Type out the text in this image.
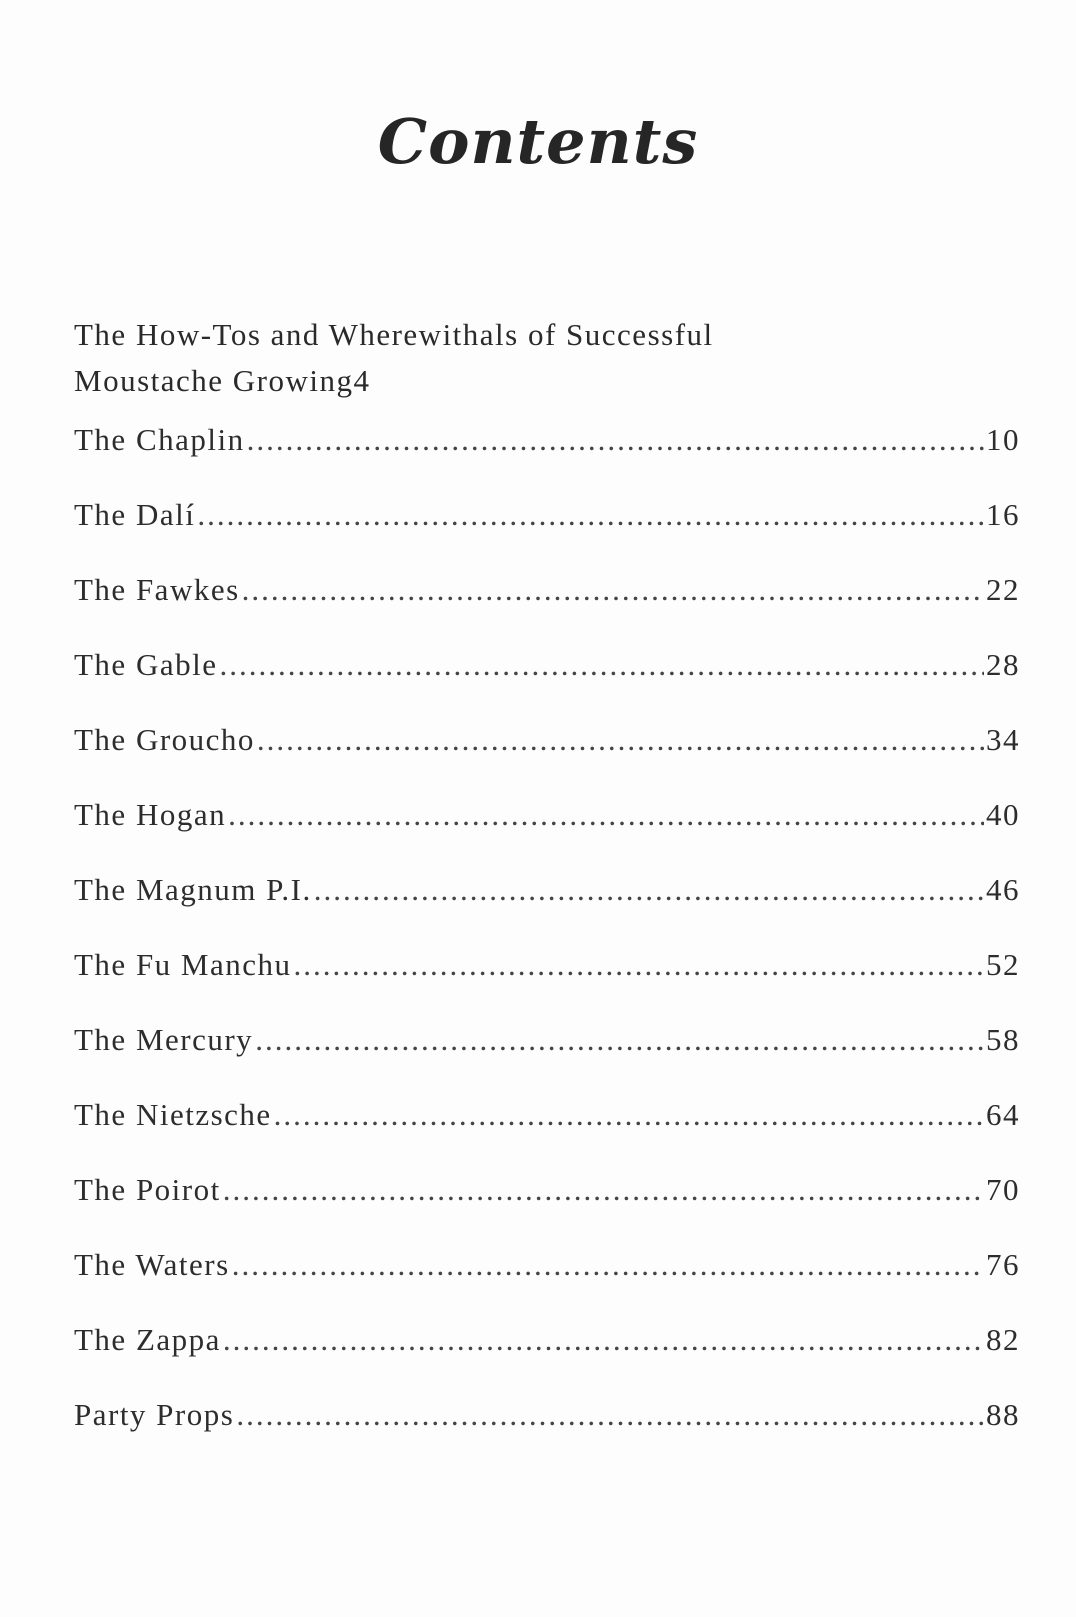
Contents
The How-Tos and Wherewithals of Successful
Moustache Growing 4
The Chaplin .....	10
The Dalí .....	16
The Fawkes .....	22
The Gable .....	28
The Groucho .....	34
The Hogan .....	40
The Magnum P.I. .....	46
The Fu Manchu .....	52
The Mercury .....	58
The Nietzsche .....	64
The Poirot .....	70
The Waters .....	76
The Zappa .....	82
Party Props .....	88
